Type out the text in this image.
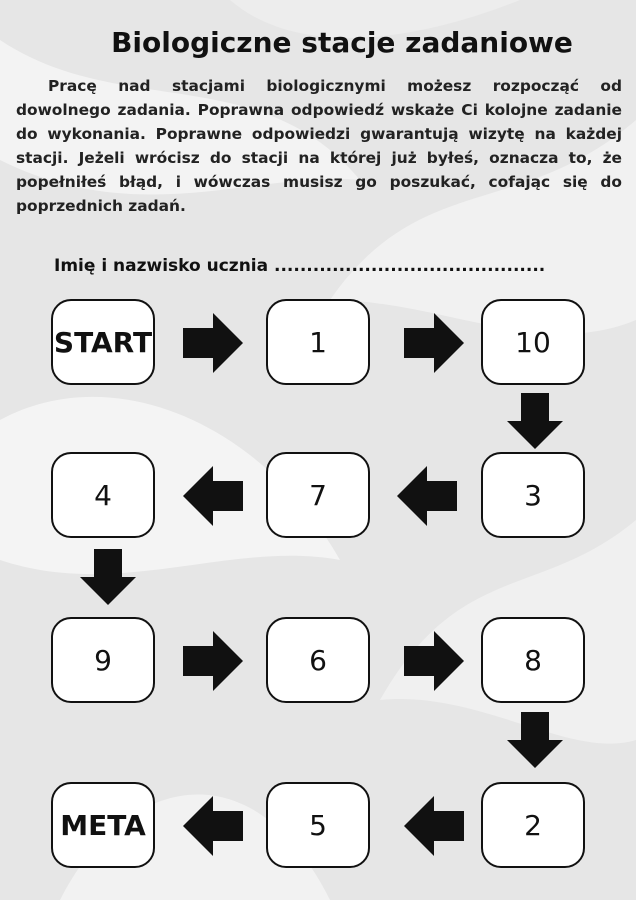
Biologiczne stacje zadaniowe
Pracę nad stacjami biologicznymi możesz rozpocząć od dowolnego zadania. Poprawna odpowiedź wskaże Ci kolojne zadanie do wykonania. Poprawne odpowiedzi gwarantują wizytę na każdej stacji. Jeżeli wrócisz do stacji na której już byłeś, oznacza to, że popełniłeś błąd, i wówczas musisz go poszukać, cofając się do poprzednich zadań.
Imię i nazwisko ucznia ..........................................
START	1	10
4	7	3
9	6	8
META	5	2
